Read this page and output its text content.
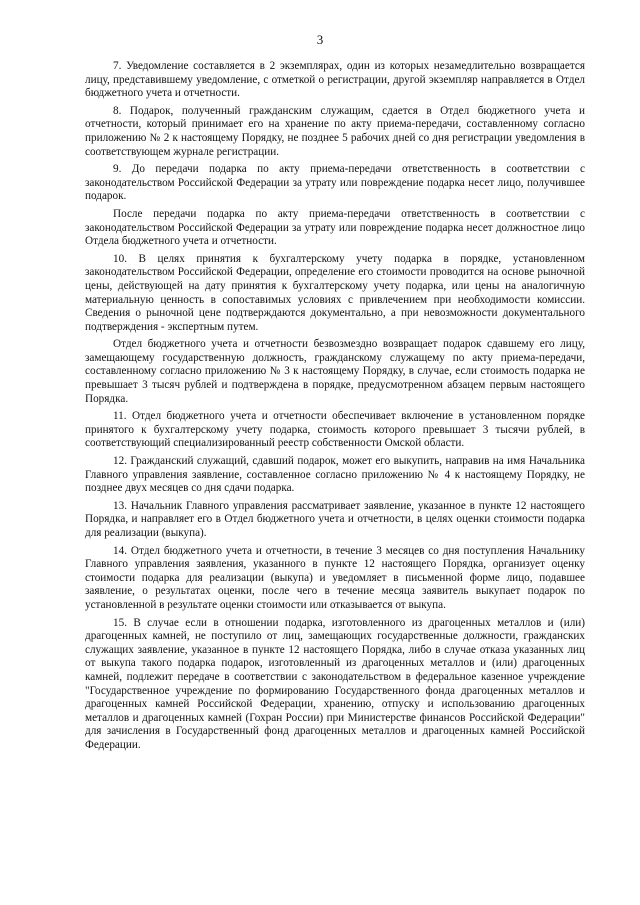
3

7. Уведомление составляется в 2 экземплярах, один из которых незамедлительно возвращается лицу, представившему уведомление, с отметкой о регистрации, другой экземпляр направляется в Отдел бюджетного учета и отчетности.

8. Подарок, полученный гражданским служащим, сдается в Отдел бюджетного учета и отчетности, который принимает его на хранение по акту приема-передачи, составленному согласно приложению № 2 к настоящему Порядку, не позднее 5 рабочих дней со дня регистрации уведомления в соответствующем журнале регистрации.

9. До передачи подарка по акту приема-передачи ответственность в соответствии с законодательством Российской Федерации за утрату или повреждение подарка несет лицо, получившее подарок.

После передачи подарка по акту приема-передачи ответственность в соответствии с законодательством Российской Федерации за утрату или повреждение подарка несет должностное лицо Отдела бюджетного учета и отчетности.

10. В целях принятия к бухгалтерскому учету подарка в порядке, установленном законодательством Российской Федерации, определение его стоимости проводится на основе рыночной цены, действующей на дату принятия к бухгалтерскому учету подарка, или цены на аналогичную материальную ценность в сопоставимых условиях с привлечением при необходимости комиссии. Сведения о рыночной цене подтверждаются документально, а при невозможности документального подтверждения - экспертным путем.

Отдел бюджетного учета и отчетности безвозмездно возвращает подарок сдавшему его лицу, замещающему государственную должность, гражданскому служащему по акту приема-передачи, составленному согласно приложению № 3 к настоящему Порядку, в случае, если стоимость подарка не превышает 3 тысяч рублей и подтверждена в порядке, предусмотренном абзацем первым настоящего Порядка.

11. Отдел бюджетного учета и отчетности обеспечивает включение в установленном порядке принятого к бухгалтерскому учету подарка, стоимость которого превышает 3 тысячи рублей, в соответствующий специализированный реестр собственности Омской области.

12. Гражданский служащий, сдавший подарок, может его выкупить, направив на имя Начальника Главного управления заявление, составленное согласно приложению № 4 к настоящему Порядку, не позднее двух месяцев со дня сдачи подарка.

13. Начальник Главного управления рассматривает заявление, указанное в пункте 12 настоящего Порядка, и направляет его в Отдел бюджетного учета и отчетности, в целях оценки стоимости подарка для реализации (выкупа).

14. Отдел бюджетного учета и отчетности, в течение 3 месяцев со дня поступления Начальнику Главного управления заявления, указанного в пункте 12 настоящего Порядка, организует оценку стоимости подарка для реализации (выкупа) и уведомляет в письменной форме лицо, подавшее заявление, о результатах оценки, после чего в течение месяца заявитель выкупает подарок по установленной в результате оценки стоимости или отказывается от выкупа.

15. В случае если в отношении подарка, изготовленного из драгоценных металлов и (или) драгоценных камней, не поступило от лиц, замещающих государственные должности, гражданских служащих заявление, указанное в пункте 12 настоящего Порядка, либо в случае отказа указанных лиц от выкупа такого подарка подарок, изготовленный из драгоценных металлов и (или) драгоценных камней, подлежит передаче в соответствии с законодательством в федеральное казенное учреждение "Государственное учреждение по формированию Государственного фонда драгоценных металлов и драгоценных камней Российской Федерации, хранению, отпуску и использованию драгоценных металлов и драгоценных камней (Гохран России) при Министерстве финансов Российской Федерации" для зачисления в Государственный фонд драгоценных металлов и драгоценных камней Российской Федерации.
